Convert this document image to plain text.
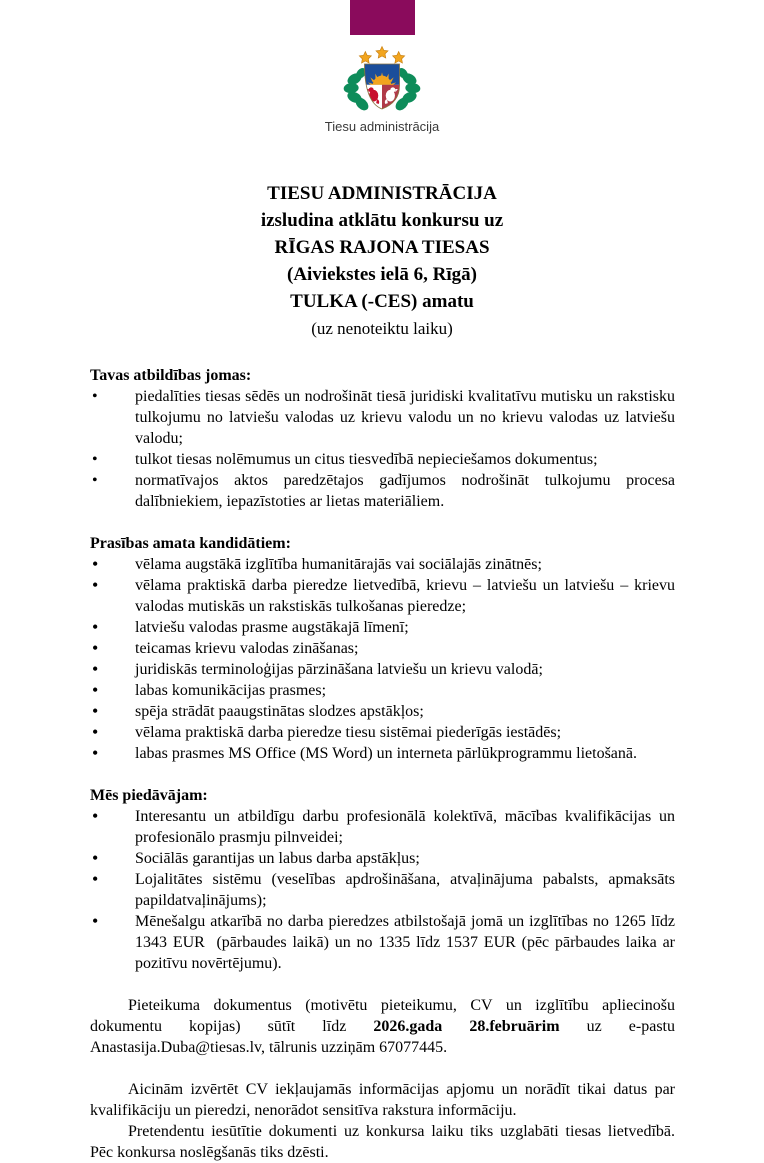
Tiesu administrācija
TIESU ADMINISTRĀCIJA
izsludina atklātu konkursu uz
RĪGAS RAJONA TIESAS
(Aiviekstes ielā 6, Rīgā)
TULKA (-CES) amatu
(uz nenoteiktu laiku)

Tavas atbildības jomas:

• piedalīties tiesas sēdēs un nodrošināt tiesā juridiski kvalitatīvu mutisku un rakstisku tulkojumu no latviešu valodas uz krievu valodu un no krievu valodas uz latviešu valodu;
• tulkot tiesas nolēmumus un citus tiesvedībā nepieciešamos dokumentus;
• normatīvajos aktos paredzētajos gadījumos nodrošināt tulkojumu procesa dalībniekiem, iepazīstoties ar lietas materiāliem.

Prasības amata kandidātiem:

• vēlama augstākā izglītība humanitārajās vai sociālajās zinātnēs;
• vēlama praktiskā darba pieredze lietvedībā, krievu – latviešu un latviešu – krievu valodas mutiskās un rakstiskās tulkošanas pieredze;
• latviešu valodas prasme augstākajā līmenī;
• teicamas krievu valodas zināšanas;
• juridiskās terminoloģijas pārzināšana latviešu un krievu valodā;
• labas komunikācijas prasmes;
• spēja strādāt paaugstinātas slodzes apstākļos;
• vēlama praktiskā darba pieredze tiesu sistēmai piederīgās iestādēs;
• labas prasmes MS Office (MS Word) un interneta pārlūkprogrammu lietošanā.

Mēs piedāvājam:

• Interesantu un atbildīgu darbu profesionālā kolektīvā, mācības kvalifikācijas un profesionālo prasmju pilnveidei;
• Sociālās garantijas un labus darba apstākļus;
• Lojalitātes sistēmu (veselības apdrošināšana, atvaļinājuma pabalsts, apmaksāts papildatvaļinājums);
• Mēnešalgu atkarībā no darba pieredzes atbilstošajā jomā un izglītības no 1265 līdz 1343 EUR  (pārbaudes laikā) un no 1335 līdz 1537 EUR (pēc pārbaudes laika ar pozitīvu novērtējumu).

Pieteikuma dokumentus (motivētu pieteikumu, CV un izglītību apliecinošu dokumentu kopijas) sūtīt līdz 2026.gada 28.februārim uz e-pastu Anastasija.Duba@tiesas.lv, tālrunis uzziņām 67077445.

Aicinām izvērtēt CV iekļaujamās informācijas apjomu un norādīt tikai datus par kvalifikāciju un pieredzi, nenorādot sensitīva rakstura informāciju.

Pretendentu iesūtītie dokumenti uz konkursa laiku tiks uzglabāti tiesas lietvedībā. Pēc konkursa noslēgšanās tiks dzēsti.
